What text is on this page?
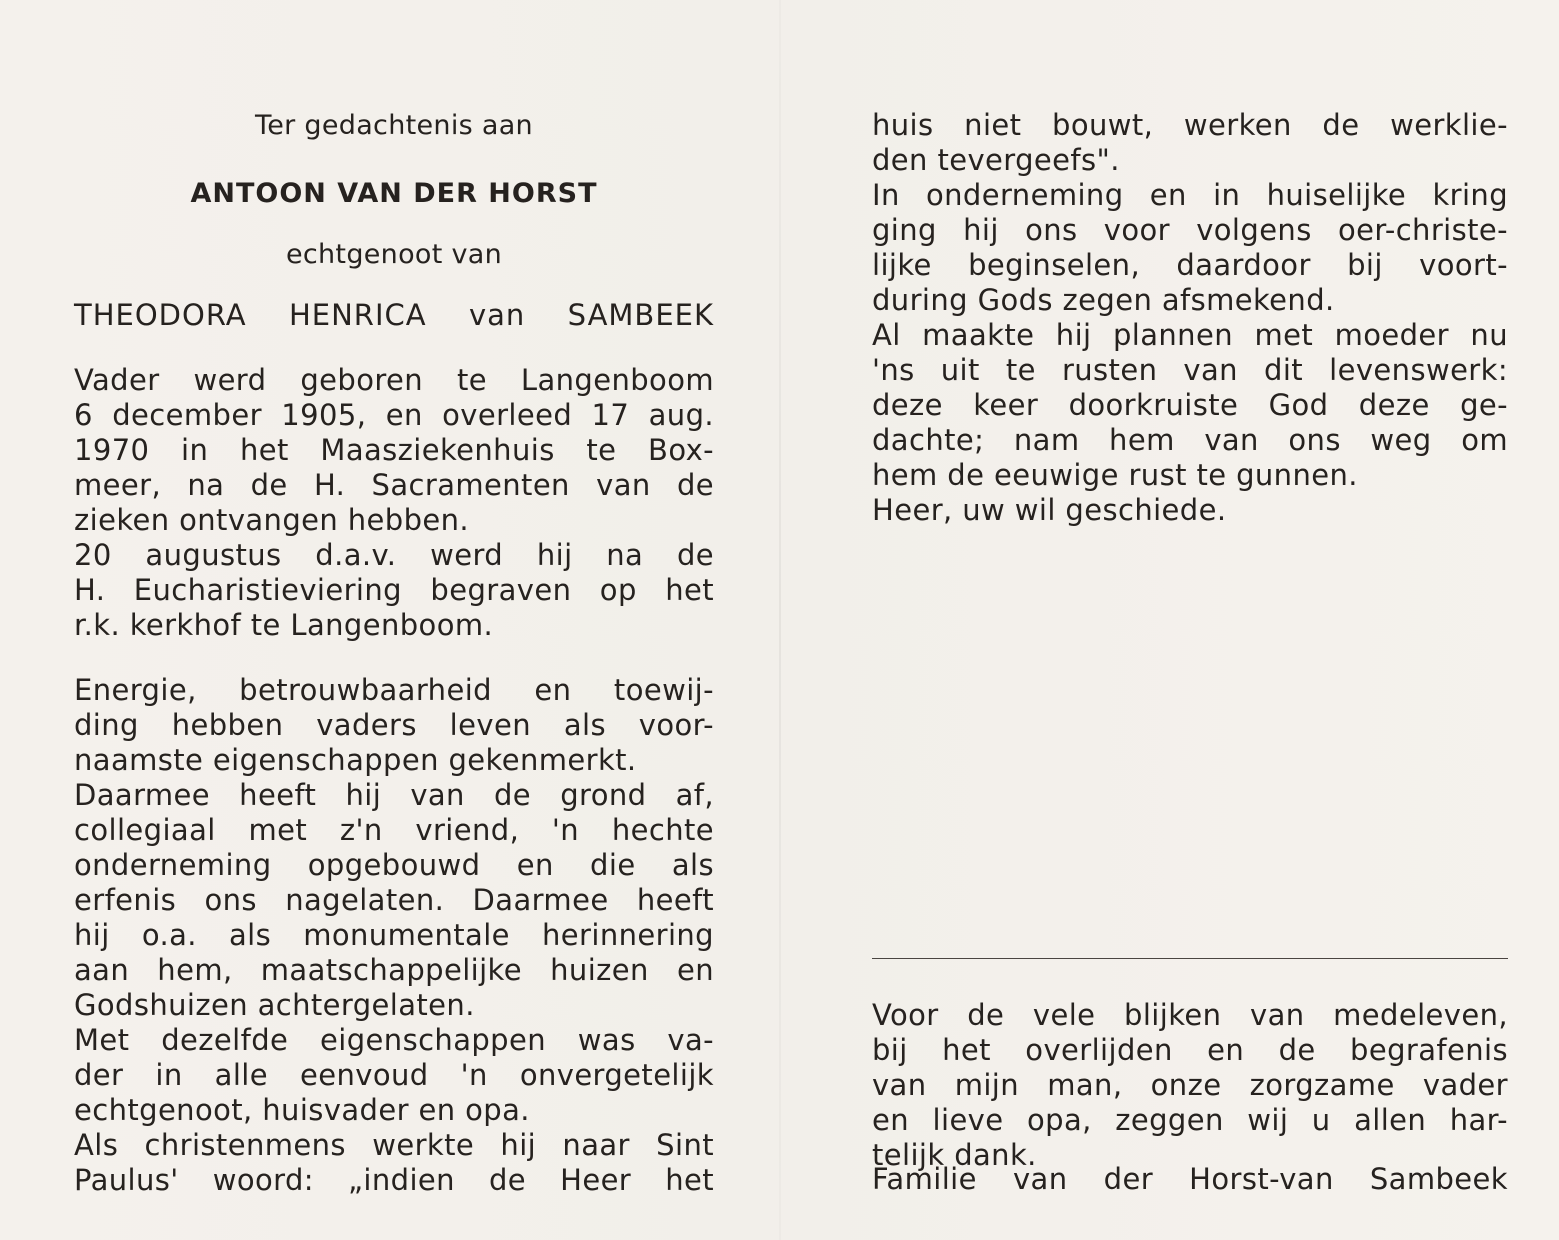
Ter gedachtenis aan
ANTOON VAN DER HORST
echtgenoot van
THEODORA HENRICA van SAMBEEK
Vader werd geboren te Langenboom
6 december 1905, en overleed 17 aug.
1970 in het Maasziekenhuis te Box-
meer, na de H. Sacramenten van de
zieken ontvangen hebben.
20 augustus d.a.v. werd hij na de
H. Eucharistieviering begraven op het
r.k. kerkhof te Langenboom.
Energie, betrouwbaarheid en toewij-
ding hebben vaders leven als voor-
naamste eigenschappen gekenmerkt.
Daarmee heeft hij van de grond af,
collegiaal met z'n vriend, 'n hechte
onderneming opgebouwd en die als
erfenis ons nagelaten. Daarmee heeft
hij o.a. als monumentale herinnering
aan hem, maatschappelijke huizen en
Godshuizen achtergelaten.
Met dezelfde eigenschappen was va-
der in alle eenvoud 'n onvergetelijk
echtgenoot, huisvader en opa.
Als christenmens werkte hij naar Sint
Paulus' woord: „indien de Heer het
huis niet bouwt, werken de werklie-
den tevergeefs".
In onderneming en in huiselijke kring
ging hij ons voor volgens oer-christe-
lijke beginselen, daardoor bij voort-
during Gods zegen afsmekend.
Al maakte hij plannen met moeder nu
'ns uit te rusten van dit levenswerk:
deze keer doorkruiste God deze ge-
dachte; nam hem van ons weg om
hem de eeuwige rust te gunnen.
Heer, uw wil geschiede.
Voor de vele blijken van medeleven,
bij het overlijden en de begrafenis
van mijn man, onze zorgzame vader
en lieve opa, zeggen wij u allen har-
telijk dank.
Familie van der Horst-van Sambeek
